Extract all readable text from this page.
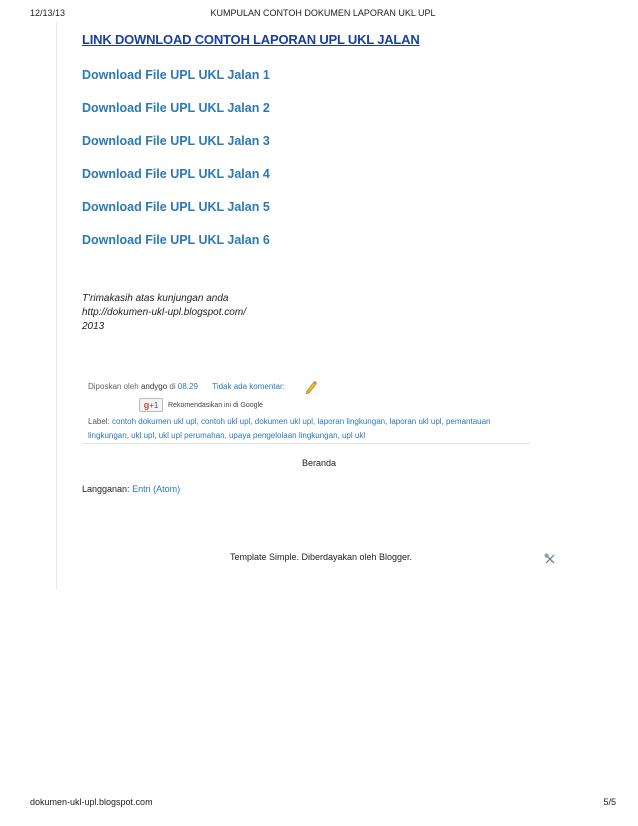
12/13/13	KUMPULAN CONTOH DOKUMEN LAPORAN UKL UPL
LINK DOWNLOAD CONTOH LAPORAN UPL UKL JALAN
Download File UPL UKL Jalan 1
Download File UPL UKL Jalan 2
Download File UPL UKL Jalan 3
Download File UPL UKL Jalan 4
Download File UPL UKL Jalan 5
Download File UPL UKL Jalan 6
T'rimakasih atas kunjungan anda
http://dokumen-ukl-upl.blogspot.com/
2013
Diposkan oleh andygo di 08.29 Tidak ada komentar:
g+1	Rekomendasikan ini di Google
Label: contoh dokumen ukl upl, contoh ukl upl, dokumen ukl upl, laporan lingkungan, laporan ukl upl, pemantauan lingkungan, ukl upl, ukl upl perumahan, upaya pengelolaan lingkungan, upl ukl
Beranda
Langganan: Entri (Atom)
Template Simple. Diberdayakan oleh Blogger.
dokumen-ukl-upl.blogspot.com	5/5
